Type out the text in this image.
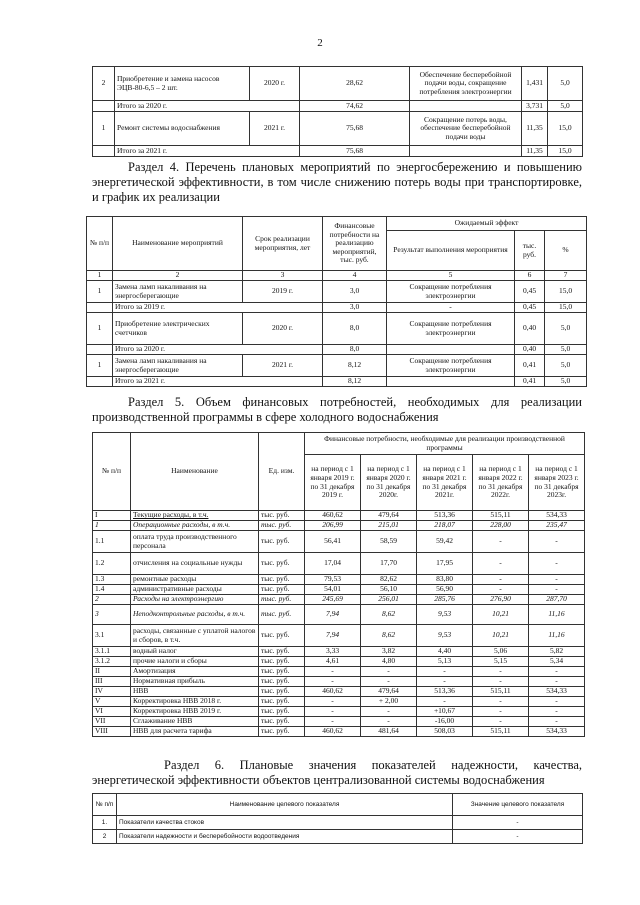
2
2	Приобретение и замена насосов ЭЦВ-80-6,5 – 2 шт.	2020 г.	28,62	Обеспечение бесперебойной подачи воды, сокращение потребления электроэнергии	1,431	5,0
	Итого за 2020 г.		74,62		3,731	5,0
1	Ремонт системы водоснабжения	2021 г.	75,68	Сокращение потерь воды, обеспечение бесперебойной подачи воды	11,35	15,0
	Итого за 2021 г.		75,68		11,35	15,0

Раздел 4. Перечень плановых мероприятий по энергосбережению и повышению энергетической эффективности, в том числе снижению потерь воды при транспортировке, и график их реализации

№ п/п	Наименование мероприятий	Срок реализации мероприятия, лет	Финансовые потребности на реализацию мероприятий, тыс. руб.	Ожидаемый эффект		
				Результат выполнения мероприятия	тыс. руб.	%
1	2	3	4	5	6	7
1	Замена ламп накаливания на энергосберегающие	2019 г.	3,0	Сокращение потребления электроэнергии	0,45	15,0
	Итого за 2019 г.		3,0	-	0,45	15,0
1	Приобретение электрических счетчиков	2020 г.	8,0	Сокращение потребления электроэнергии	0,40	5,0
	Итого за 2020 г.		8,0		0,40	5,0
1	Замена ламп накаливания на энергосберегающие	2021 г.	8,12	Сокращение потребления электроэнергии	0,41	5,0
	Итого за 2021 г.		8,12		0,41	5,0

Раздел 5. Объем финансовых потребностей, необходимых для реализации производственной программы в сфере холодного водоснабжения

№ п/п	Наименование	Ед. изм.	Финансовые потребности, необходимые для реализации производственной программы				
			на период с 1 января 2019 г. по 31 декабря 2019 г.	на период с 1 января 2020 г. по 31 декабря 2020г.	на период с 1 января 2021 г. по 31 декабря 2021г.	на период с 1 января 2022 г. по 31 декабря 2022г.	на период с 1 января 2023 г. по 31 декабря 2023г.
I	Текущие расходы, в т.ч.	тыс. руб.	460,62	479,64	513,36	515,11	534,33
1	Операционные расходы, в т.ч.	тыс. руб.	206,99	215,01	218,07	228,00	235,47
1.1	оплата труда производственного персонала	тыс. руб.	56,41	58,59	59,42	-	-
1.2	отчисления на социальные нужды	тыс. руб.	17,04	17,70	17,95	-	-
1.3	ремонтные расходы	тыс. руб.	79,53	82,62	83,80	-	-
1.4	административные расходы	тыс. руб.	54,01	56,10	56,90	-	-
2	Расходы на электроэнергию	тыс. руб.	245,69	256,01	285,76	276,90	287,70
3	Неподконтрольные расходы, в т.ч.	тыс. руб.	7,94	8,62	9,53	10,21	11,16
3.1	расходы, связанные с уплатой налогов и сборов, в т.ч.	тыс. руб.	7,94	8,62	9,53	10,21	11,16
3.1.1	водный налог	тыс. руб.	3,33	3,82	4,40	5,06	5,82
3.1.2	прочие налоги и сборы	тыс. руб.	4,61	4,80	5,13	5,15	5,34
II	Амортизация	тыс. руб.	-	-	-	-	-
III	Нормативная прибыль	тыс. руб.	-	-	-	-	-
IV	НВВ	тыс. руб.	460,62	479,64	513,36	515,11	534,33
V	Корректировка НВВ 2018 г.	тыс. руб.	-	+ 2,00	-	-	-
VI	Корректировка НВВ 2019 г.	тыс. руб.	-	-	+10,67	-	-
VII	Сглаживание НВВ	тыс. руб.	-	-	-16,00	-	-
VIII	НВВ для расчета тарифа	тыс. руб.	460,62	481,64	508,03	515,11	534,33

Раздел 6. Плановые значения показателей надежности, качества, энергетической эффективности объектов централизованной системы водоснабжения

№ п/п	Наименование целевого показателя	Значение целевого показателя
1.	Показатели качества стоков	-
2	Показатели надежности и бесперебойности водоотведения	-
